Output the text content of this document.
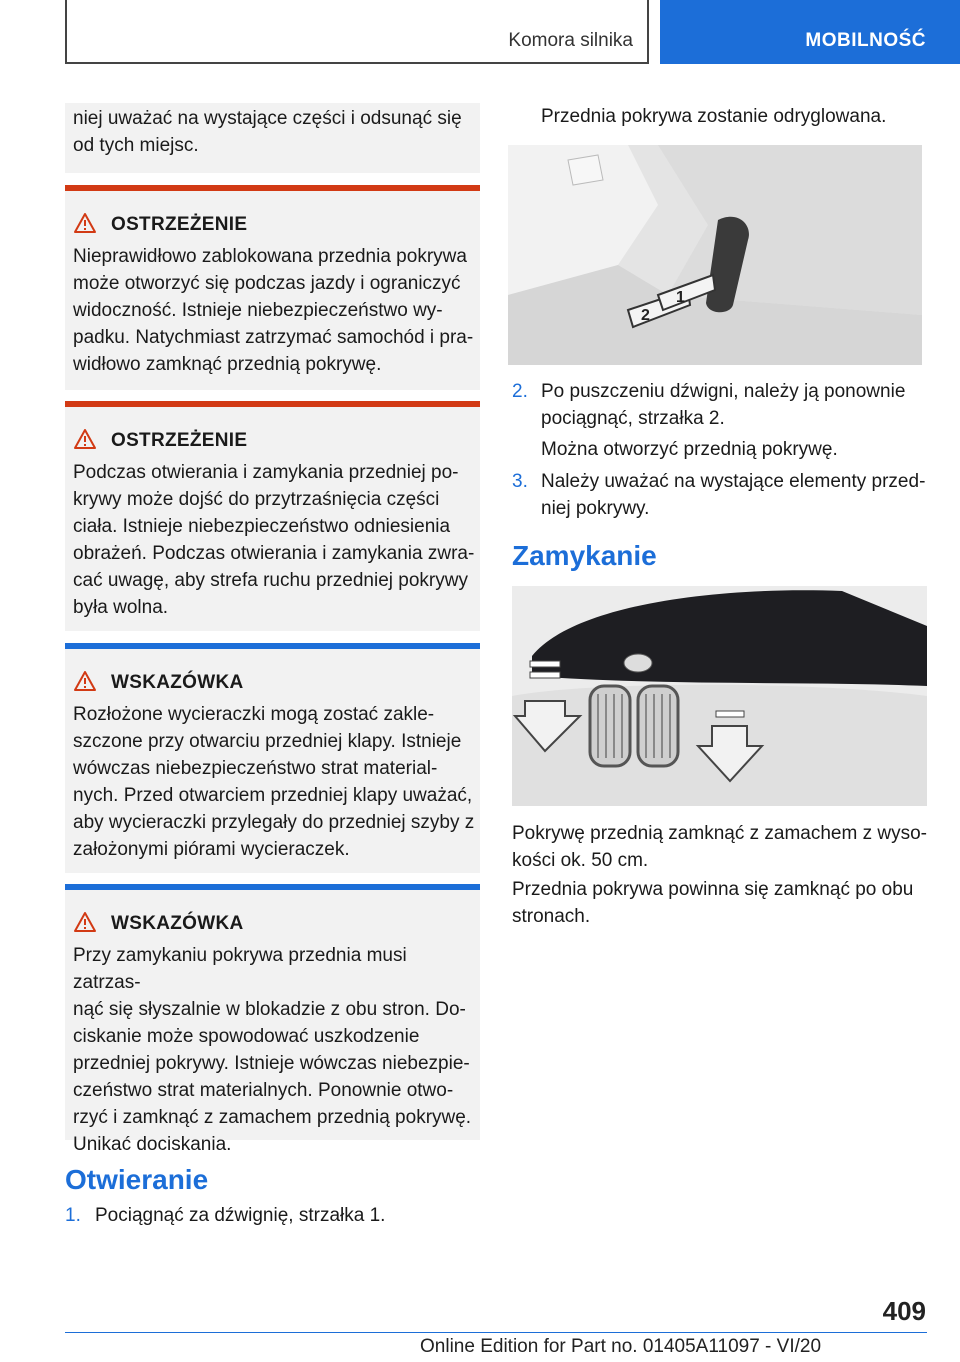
Komora silnika	MOBILNOŚĆ

niej uważać na wystające części i odsunąć się

od tych miejsc.

OSTRZEŻENIE

Nieprawidłowo zablokowana przednia pokrywa

może otworzyć się podczas jazdy i ograniczyć

widoczność. Istnieje niebezpieczeństwo wy-

padku. Natychmiast zatrzymać samochód i pra-

widłowo zamknąć przednią pokrywę.

OSTRZEŻENIE

Podczas otwierania i zamykania przedniej po-

krywy może dojść do przytrzaśnięcia części

ciała. Istnieje niebezpieczeństwo odniesienia

obrażeń. Podczas otwierania i zamykania zwra-

cać uwagę, aby strefa ruchu przedniej pokrywy

była wolna.

WSKAZÓWKA

Rozłożone wycieraczki mogą zostać zakle-

szczone przy otwarciu przedniej klapy. Istnieje

wówczas niebezpieczeństwo strat material-

nych. Przed otwarciem przedniej klapy uważać,

aby wycieraczki przylegały do przedniej szyby z

założonymi piórami wycieraczek.

WSKAZÓWKA

Przy zamykaniu pokrywa przednia musi zatrzas-

nąć się słyszalnie w blokadzie z obu stron. Do-

ciskanie może spowodować uszkodzenie

przedniej pokrywy. Istnieje wówczas niebezpie-

czeństwo strat materialnych. Ponownie otwo-

rzyć i zamknąć z zamachem przednią pokrywę.

Unikać dociskania.

Otwieranie
1. Pociągnąć za dźwignię, strzałka 1.

Przednia pokrywa zostanie odryglowana.

2
1
2. Po puszczeniu dźwigni, należy ją ponownie

pociągnąć, strzałka 2.

Można otworzyć przednią pokrywę.

3. Należy uważać na wystające elementy przed-

niej pokrywy.

Zamykanie

Pokrywę przednią zamknąć z zamachem z wyso-

kości ok. 50 cm.

Przednia pokrywa powinna się zamknąć po obu

stronach.

409
Online Edition for Part no. 01405A11097 - VI/20
